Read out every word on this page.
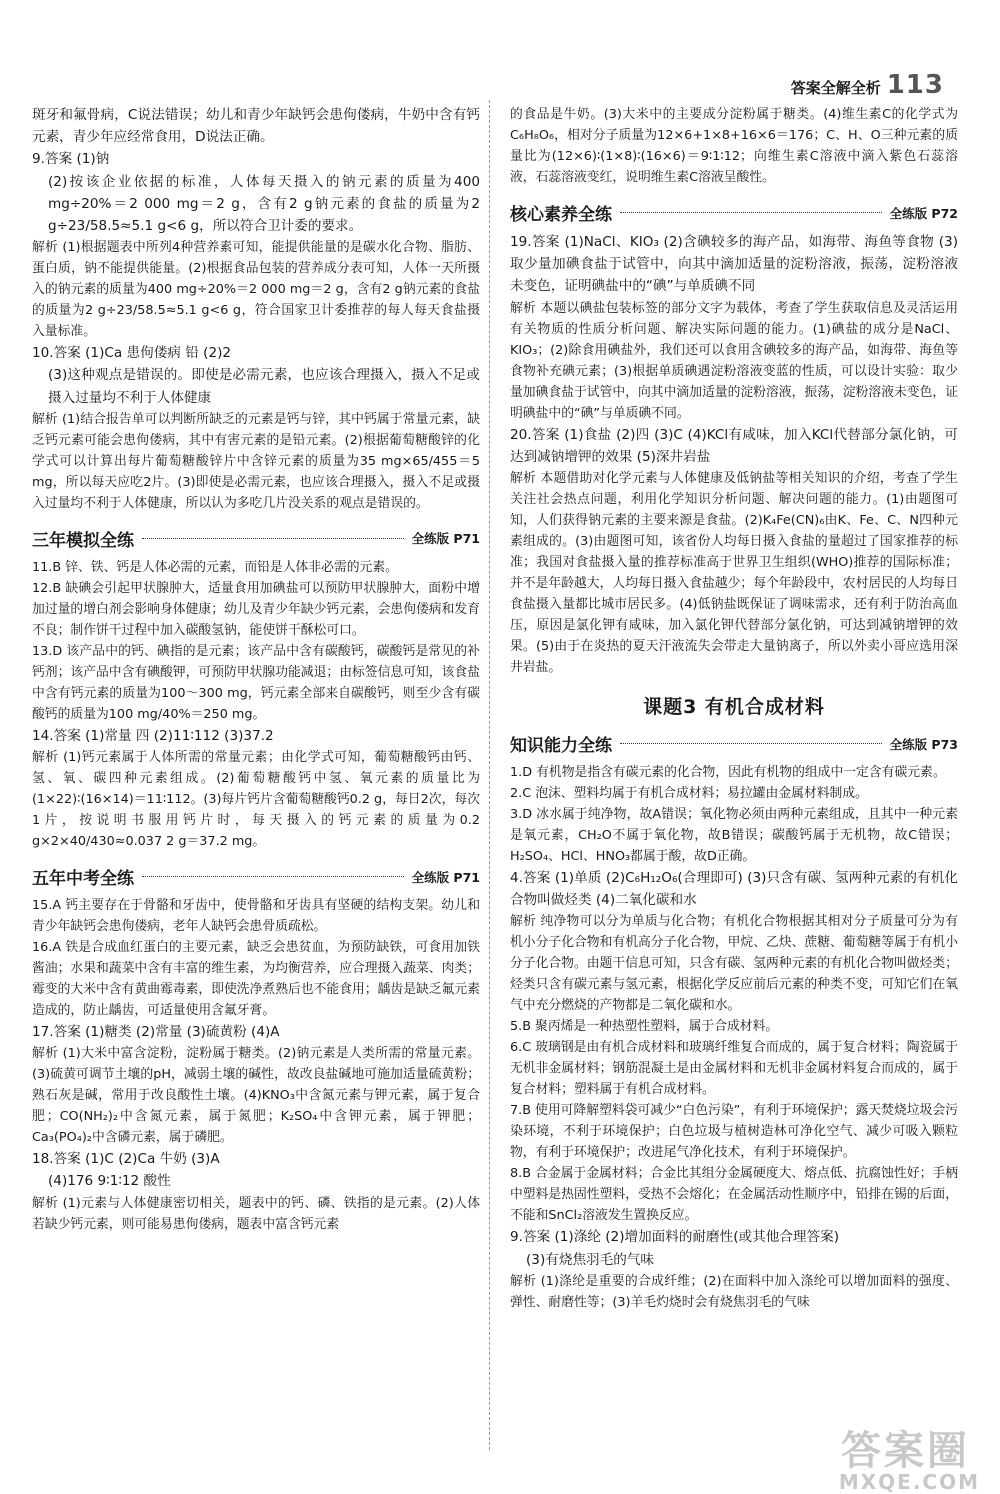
答案全解全析 113

斑牙和氟骨病，C说法错误；幼儿和青少年缺钙会患佝偻病，牛奶中含有钙元素，青少年应经常食用，D说法正确。

9.答案 (1)钠

(2)按该企业依据的标准，人体每天摄入的钠元素的质量为400 mg÷20%＝2 000 mg＝2 g，含有2 g钠元素的食盐的质量为2 g÷23/58.5≈5.1 g<6 g，所以符合卫计委的要求。

解析 (1)根据题表中所列4种营养素可知，能提供能量的是碳水化合物、脂肪、蛋白质，钠不能提供能量。(2)根据食品包装的营养成分表可知，人体一天所摄入的钠元素的质量为400 mg÷20%＝2 000 mg＝2 g，含有2 g钠元素的食盐的质量为2 g÷23/58.5≈5.1 g<6 g，符合国家卫计委推荐的每人每天食盐摄入量标准。

10.答案 (1)Ca 患佝偻病 铅 (2)2

(3)这种观点是错误的。即使是必需元素，也应该合理摄入，摄入不足或摄入过量均不利于人体健康

解析 (1)结合报告单可以判断所缺乏的元素是钙与锌，其中钙属于常量元素，缺乏钙元素可能会患佝偻病，其中有害元素的是铅元素。(2)根据葡萄糖酸锌的化学式可以计算出每片葡萄糖酸锌片中含锌元素的质量为35 mg×65/455＝5 mg，所以每天应吃2片。(3)即使是必需元素，也应该合理摄入，摄入不足或摄入过量均不利于人体健康，所以认为多吃几片没关系的观点是错误的。

三年模拟全练	全练版 P71

11.B 锌、铁、钙是人体必需的元素，而铅是人体非必需的元素。

12.B 缺碘会引起甲状腺肿大，适量食用加碘盐可以预防甲状腺肿大，面粉中增加过量的增白剂会影响身体健康；幼儿及青少年缺少钙元素，会患佝偻病和发育不良；制作饼干过程中加入碳酸氢钠，能使饼干酥松可口。

13.D 该产品中的钙、碘指的是元素；该产品中含有碳酸钙，碳酸钙是常见的补钙剂；该产品中含有碘酸钾，可预防甲状腺功能减退；由标签信息可知，该食盐中含有钙元素的质量为100～300 mg，钙元素全部来自碳酸钙，则至少含有碳酸钙的质量为100 mg/40%＝250 mg。

14.答案 (1)常量 四 (2)11∶112 (3)37.2

解析 (1)钙元素属于人体所需的常量元素；由化学式可知，葡萄糖酸钙由钙、氢、氧、碳四种元素组成。(2)葡萄糖酸钙中氢、氧元素的质量比为(1×22)∶(16×14)＝11∶112。(3)每片钙片含葡萄糖酸钙0.2 g，每日2次，每次1片，按说明书服用钙片时，每天摄入的钙元素的质量为0.2 g×2×40/430≈0.037 2 g＝37.2 mg。

五年中考全练	全练版 P71

15.A 钙主要存在于骨骼和牙齿中，使骨骼和牙齿具有坚硬的结构支架。幼儿和青少年缺钙会患佝偻病，老年人缺钙会患骨质疏松。

16.A 铁是合成血红蛋白的主要元素，缺乏会患贫血，为预防缺铁，可食用加铁酱油；水果和蔬菜中含有丰富的维生素，为均衡营养，应合理摄入蔬菜、肉类；霉变的大米中含有黄曲霉毒素，即使洗净煮熟后也不能食用；龋齿是缺乏氟元素造成的，防止龋齿，可适量使用含氟牙膏。

17.答案 (1)糖类 (2)常量 (3)硫黄粉 (4)A

解析 (1)大米中富含淀粉，淀粉属于糖类。(2)钠元素是人类所需的常量元素。(3)硫黄可调节土壤的pH，减弱土壤的碱性，故改良盐碱地可施加适量硫黄粉；熟石灰是碱，常用于改良酸性土壤。(4)KNO₃中含氮元素与钾元素，属于复合肥；CO(NH₂)₂中含氮元素，属于氮肥；K₂SO₄中含钾元素，属于钾肥；Ca₃(PO₄)₂中含磷元素，属于磷肥。

18.答案 (1)C (2)Ca 牛奶 (3)A

(4)176 9∶1∶12 酸性

解析 (1)元素与人体健康密切相关，题表中的钙、磷、铁指的是元素。(2)人体若缺少钙元素，则可能易患佝偻病，题表中富含钙元素

的食品是牛奶。(3)大米中的主要成分淀粉属于糖类。(4)维生素C的化学式为C₆H₈O₆，相对分子质量为12×6+1×8+16×6＝176；C、H、O三种元素的质量比为(12×6)∶(1×8)∶(16×6)＝9∶1∶12；向维生素C溶液中滴入紫色石蕊溶液，石蕊溶液变红，说明维生素C溶液呈酸性。

核心素养全练	全练版 P72

19.答案 (1)NaCl、KIO₃ (2)含碘较多的海产品，如海带、海鱼等食物 (3)取少量加碘食盐于试管中，向其中滴加适量的淀粉溶液，振荡，淀粉溶液未变色，证明碘盐中的“碘”与单质碘不同

解析 本题以碘盐包装标签的部分文字为载体，考查了学生获取信息及灵活运用有关物质的性质分析问题、解决实际问题的能力。(1)碘盐的成分是NaCl、KIO₃；(2)除食用碘盐外，我们还可以食用含碘较多的海产品，如海带、海鱼等食物补充碘元素；(3)根据单质碘遇淀粉溶液变蓝的性质，可以设计实验：取少量加碘食盐于试管中，向其中滴加适量的淀粉溶液，振荡，淀粉溶液未变色，证明碘盐中的“碘”与单质碘不同。

20.答案 (1)食盐 (2)四 (3)C (4)KCl有咸味，加入KCl代替部分氯化钠，可达到减钠增钾的效果 (5)深井岩盐

解析 本题借助对化学元素与人体健康及低钠盐等相关知识的介绍，考查了学生关注社会热点问题，利用化学知识分析问题、解决问题的能力。(1)由题图可知，人们获得钠元素的主要来源是食盐。(2)K₄Fe(CN)₆由K、Fe、C、N四种元素组成的。(3)由题图可知，该省份人均每日摄入食盐的量超过了国家推荐的标准；我国对食盐摄入量的推荐标准高于世界卫生组织(WHO)推荐的国际标准；并不是年龄越大，人均每日摄入食盐越少；每个年龄段中，农村居民的人均每日食盐摄入量都比城市居民多。(4)低钠盐既保证了调味需求，还有利于防治高血压，原因是氯化钾有咸味，加入氯化钾代替部分氯化钠，可达到减钠增钾的效果。(5)由于在炎热的夏天汗液流失会带走大量钠离子，所以外卖小哥应选用深井岩盐。

课题3 有机合成材料
知识能力全练	全练版 P73

1.D 有机物是指含有碳元素的化合物，因此有机物的组成中一定含有碳元素。

2.C 泡沫、塑料均属于有机合成材料；易拉罐由金属材料制成。

3.D 冰水属于纯净物，故A错误；氧化物必须由两种元素组成，且其中一种元素是氧元素，CH₂O不属于氧化物，故B错误；碳酸钙属于无机物，故C错误；H₂SO₄、HCl、HNO₃都属于酸，故D正确。

4.答案 (1)单质 (2)C₆H₁₂O₆(合理即可) (3)只含有碳、氢两种元素的有机化合物叫做烃类 (4)二氧化碳和水

解析 纯净物可以分为单质与化合物；有机化合物根据其相对分子质量可分为有机小分子化合物和有机高分子化合物，甲烷、乙炔、蔗糖、葡萄糖等属于有机小分子化合物。由题干信息可知，只含有碳、氢两种元素的有机化合物叫做烃类；烃类只含有碳元素与氢元素，根据化学反应前后元素的种类不变，可知它们在氧气中充分燃烧的产物都是二氧化碳和水。

5.B 聚丙烯是一种热塑性塑料，属于合成材料。

6.C 玻璃钢是由有机合成材料和玻璃纤维复合而成的，属于复合材料；陶瓷属于无机非金属材料；钢筋混凝土是由金属材料和无机非金属材料复合而成的，属于复合材料；塑料属于有机合成材料。

7.B 使用可降解塑料袋可减少“白色污染”，有利于环境保护；露天焚烧垃圾会污染环境，不利于环境保护；白色垃圾与植树造林可净化空气、减少可吸入颗粒物，有利于环境保护；改进尾气净化技术，有利于环境保护。

8.B 合金属于金属材料；合金比其组分金属硬度大、熔点低、抗腐蚀性好；手柄中塑料是热固性塑料，受热不会熔化；在金属活动性顺序中，铅排在锡的后面，不能和SnCl₂溶液发生置换反应。

9.答案 (1)涤纶 (2)增加面料的耐磨性(或其他合理答案)

(3)有烧焦羽毛的气味

解析 (1)涤纶是重要的合成纤维；(2)在面料中加入涤纶可以增加面料的强度、弹性、耐磨性等；(3)羊毛灼烧时会有烧焦羽毛的气味

答案圈
MXQE.COM
